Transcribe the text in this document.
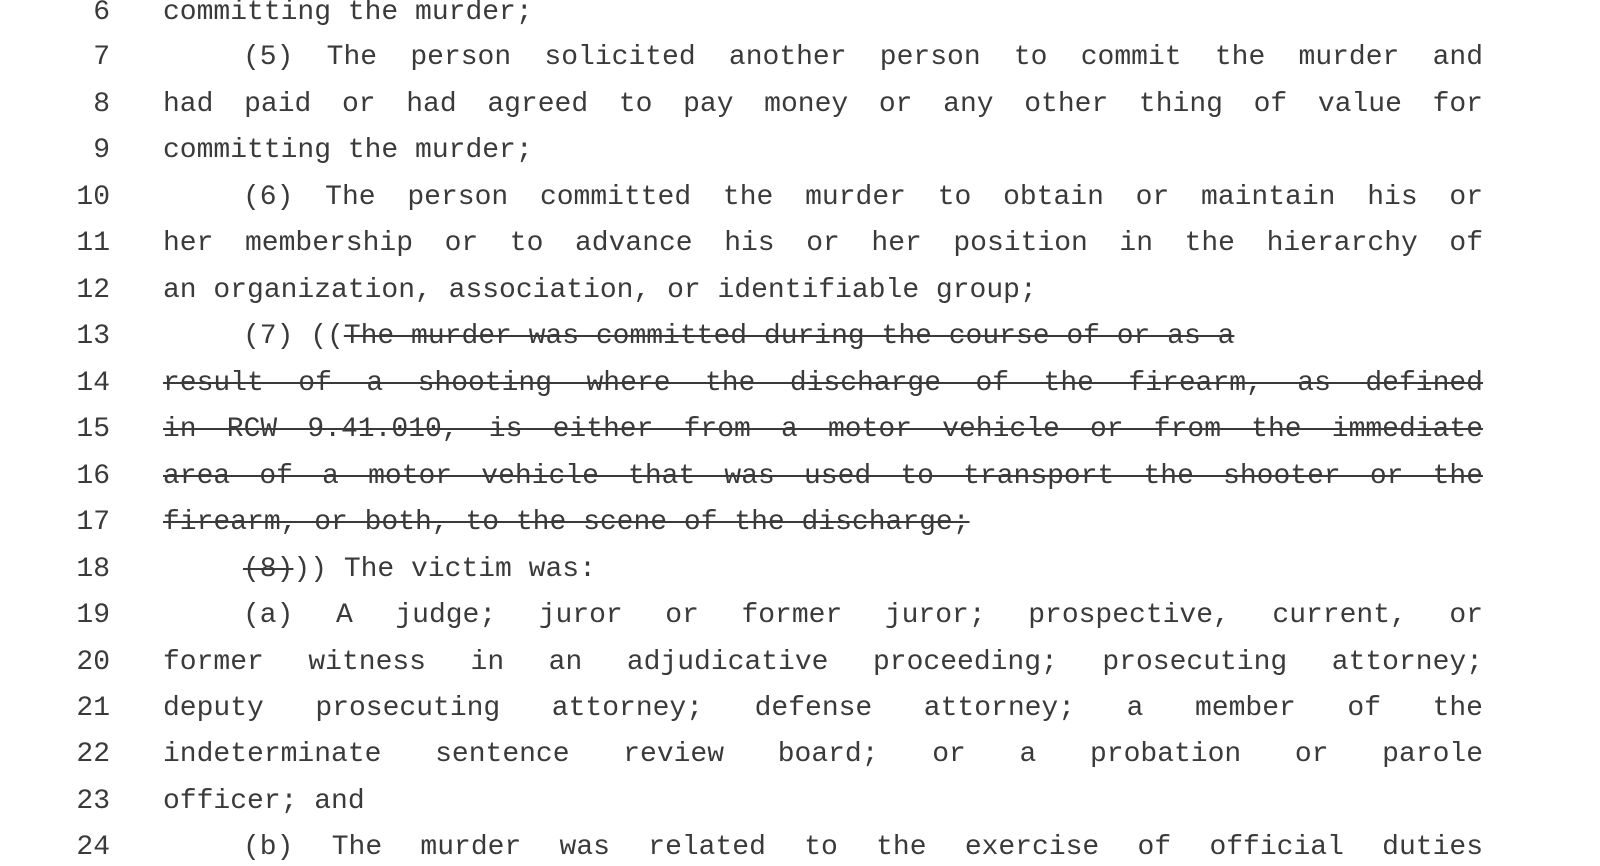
6 committing the murder;
7	(5) The person solicited another person to commit the murder and
8 had paid or had agreed to pay money or any other thing of value for
9 committing the murder;
10	(6) The person committed the murder to obtain or maintain his or
11 her membership or to advance his or her position in the hierarchy of
12 an organization, association, or identifiable group;
13	(7) ((The murder was committed during the course of or as a
14 result of a shooting where the discharge of the firearm, as defined
15 in RCW 9.41.010, is either from a motor vehicle or from the immediate
16 area of a motor vehicle that was used to transport the shooter or the
17 firearm, or both, to the scene of the discharge;
18	(8))) The victim was:
19	(a) A judge; juror or former juror; prospective, current, or
20 former witness in an adjudicative proceeding; prosecuting attorney;
21 deputy prosecuting attorney; defense attorney; a member of the
22 indeterminate sentence review board; or a probation or parole
23 officer; and
24	(b) The murder was related to the exercise of official duties
